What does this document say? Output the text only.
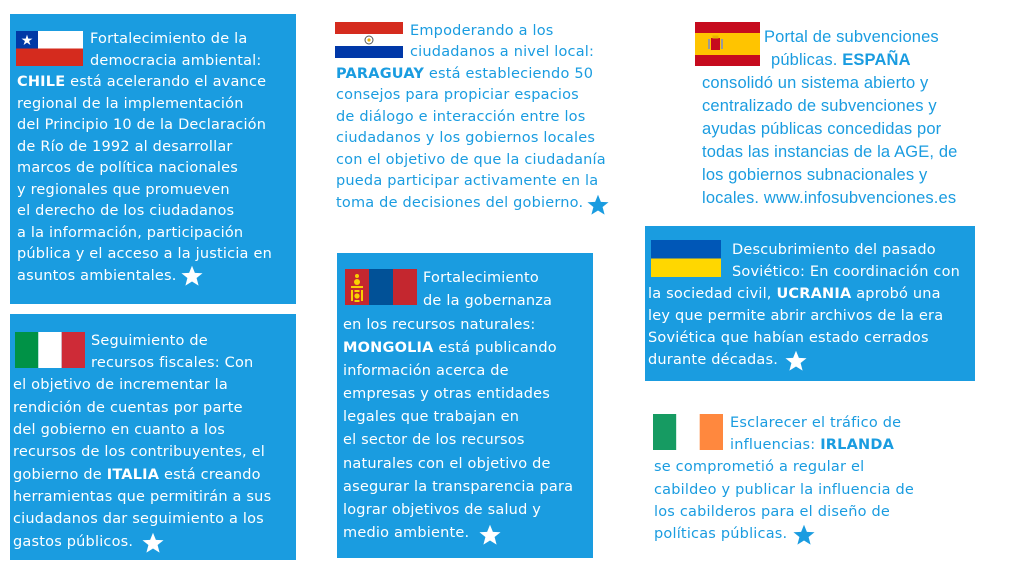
Fortalecimiento de la
democracia ambiental:
CHILE está acelerando el avance
regional de la implementación
del Principio 10 de la Declaración
de Río de 1992 al desarrollar
marcos de política nacionales
y regionales que promueven
el derecho de los ciudadanos
a la información, participación
pública y el acceso a la justicia en
asuntos ambientales.
Seguimiento de
recursos fiscales: Con
el objetivo de incrementar la
rendición de cuentas por parte
del gobierno en cuanto a los
recursos de los contribuyentes, el
gobierno de ITALIA está creando
herramientas que permitirán a sus
ciudadanos dar seguimiento a los
gastos públicos.
Empoderando a los
ciudadanos a nivel local:
PARAGUAY está estableciendo 50
consejos para propiciar espacios
de diálogo e interacción entre los
ciudadanos y los gobiernos locales
con el objetivo de que la ciudadanía
pueda participar activamente en la
toma de decisiones del gobierno.
Fortalecimiento
de la gobernanza
en los recursos naturales:
MONGOLIA está publicando
información acerca de
empresas y otras entidades
legales que trabajan en
el sector de los recursos
naturales con el objetivo de
asegurar la transparencia para
lograr objetivos de salud y
medio ambiente.
Portal de subvenciones
públicas. ESPAÑA
consolidó un sistema abierto y
centralizado de subvenciones y
ayudas públicas concedidas por
todas las instancias de la AGE, de
los gobiernos subnacionales y
locales. www.infosubvenciones.es
Descubrimiento del pasado
Soviético: En coordinación con
la sociedad civil, UCRANIA aprobó una
ley que permite abrir archivos de la era
Soviética que habían estado cerrados
durante décadas.
Esclarecer el tráfico de
influencias: IRLANDA
se comprometió a regular el
cabildeo y publicar la influencia de
los cabilderos para el diseño de
políticas públicas.
